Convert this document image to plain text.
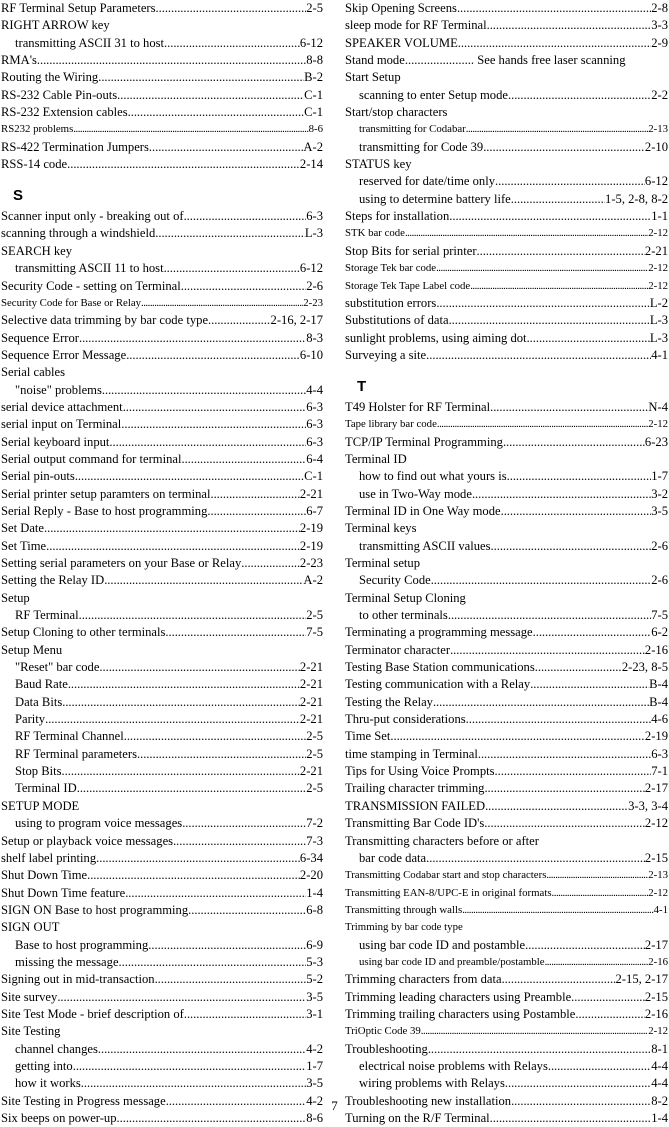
RF Terminal Setup Parameters . . .	2-5
RIGHT ARROW key
transmitting ASCII 31 to host . . .	6-12
RMA's . . .	8-8
Routing the Wiring . . .	B-2
RS-232 Cable Pin-outs . . .	C-1
RS-232 Extension cables . . .	C-1
RS232 problems . . .	8-6
RS-422 Termination Jumpers . . .	A-2
RSS-14 code . . .	2-14
S
Scanner input only - breaking out of . . .	6-3
scanning through a windshield . . .	L-3
SEARCH key
transmitting ASCII 11 to host . . .	6-12
Security Code - setting on Terminal . . .	2-6
Security Code for Base or Relay . . .	2-23
Selective data trimming by bar code type . . .	2-16, 2-17
Sequence Error . . .	8-3
Sequence Error Message . . .	6-10
Serial cables
"noise" problems . . .	4-4
serial device attachment . . .	6-3
serial input on Terminal . . .	6-3
Serial keyboard input . . .	6-3
Serial output command for terminal . . .	6-4
Serial pin-outs . . .	C-1
Serial printer setup paramters on terminal . . .	2-21
Serial Reply - Base to host programming . . .	6-7
Set Date . . .	2-19
Set Time . . .	2-19
Setting serial parameters on your Base or Relay . . .	2-23
Setting the Relay ID . . .	A-2
Setup
RF Terminal . . .	2-5
Setup Cloning to other terminals . . .	7-5
Setup Menu
"Reset" bar code . . .	2-21
Baud Rate . . .	2-21
Data Bits . . .	2-21
Parity . . .	2-21
RF Terminal Channel . . .	2-5
RF Terminal parameters . . .	2-5
Stop Bits . . .	2-21
Terminal ID . . .	2-5
SETUP MODE
using to program voice messages . . .	7-2
Setup or playback voice messages . . .	7-3
shelf label printing . . .	6-34
Shut Down Time . . .	2-20
Shut Down Time feature . . .	1-4
SIGN ON Base to host programming . . .	6-8
SIGN OUT
Base to host programming . . .	6-9
missing the message . . .	5-3
Signing out in mid-transaction . . .	5-2
Site survey . . .	3-5
Site Test Mode - brief description of . . .	3-1
Site Testing
channel changes . . .	4-2
getting into . . .	1-7
how it works . . .	3-5
Site Testing in Progress message . . .	4-2
Six beeps on power-up . . .	8-6
Skip Opening Screens . . .	2-8
sleep mode for RF Terminal . . .	3-3
SPEAKER VOLUME . . .	2-9
Stand mode...................... See hands free laser scanning
Start Setup
scanning to enter Setup mode . . .	2-2
Start/stop characters
transmitting for Codabar . . .	2-13
transmitting for Code 39 . . .	2-10
STATUS key
reserved for date/time only . . .	6-12
using to determine battery life . . .	1-5, 2-8, 8-2
Steps for installation . . .	1-1
STK bar code . . .	2-12
Stop Bits for serial printer . . .	2-21
Storage Tek bar code . . .	2-12
Storage Tek Tape Label code . . .	2-12
substitution errors . . .	L-2
Substitutions of data . . .	L-3
sunlight problems, using aiming dot . . .	L-3
Surveying a site . . .	4-1
T
T49 Holster for RF Terminal . . .	N-4
Tape library bar code . . .	2-12
TCP/IP Terminal Programming . . .	6-23
Terminal ID
how to find out what yours is . . .	1-7
use in Two-Way mode . . .	3-2
Terminal ID in One Way mode . . .	3-5
Terminal keys
transmitting ASCII values . . .	2-6
Terminal setup
Security Code . . .	2-6
Terminal Setup Cloning
to other terminals . . .	7-5
Terminating a programming message . . .	6-2
Terminator character . . .	2-16
Testing Base Station communications . . .	2-23, 8-5
Testing communication with a Relay . . .	B-4
Testing the Relay . . .	B-4
Thru-put considerations . . .	4-6
Time Set . . .	2-19
time stamping in Terminal . . .	6-3
Tips for Using Voice Prompts . . .	7-1
Trailing character trimming . . .	2-17
TRANSMISSION FAILED . . .	3-3, 3-4
Transmitting Bar Code ID's . . .	2-12
Transmitting characters before or after
bar code data . . .	2-15
Transmitting Codabar start and stop characters . . .	2-13
Transmitting EAN-8/UPC-E in original formats . . .	2-12
Transmitting through walls . . .	4-1
Trimming by bar code type
using bar code ID and postamble . . .	2-17
using bar code ID and preamble/postamble . . .	2-16
Trimming characters from data . . .	2-15, 2-17
Trimming leading characters using Preamble . . .	2-15
Trimming trailing characters using Postamble . . .	2-16
TriOptic Code 39 . . .	2-12
Troubleshooting . . .	8-1
electrical noise problems with Relays . . .	4-4
wiring problems with Relays . . .	4-4
Troubleshooting new installation . . .	8-2
Turning on the R/F Terminal . . .	1-4
7
